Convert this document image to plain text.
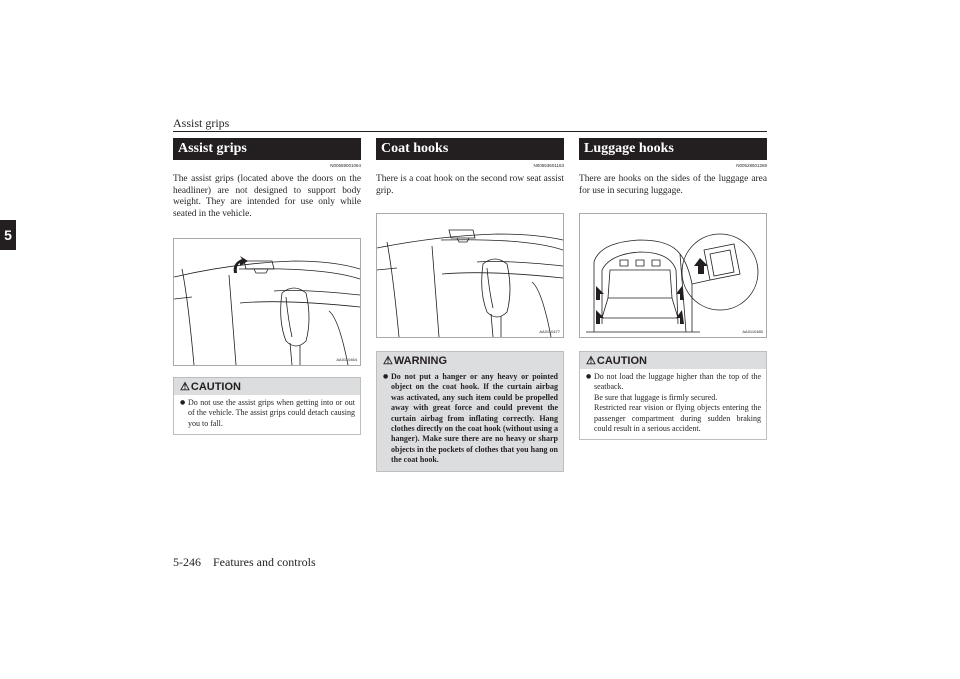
Assist grips
5
Assist grips
N00559001064
The assist grips (located above the doors on the headliner) are not designed to support body weight. They are intended for use only while seated in the vehicle.
AA0110464
⚠ CAUTION
● Do not use the assist grips when getting into or out of the vehicle. The assist grips could detach causing you to fall.
Coat hooks
N00553601163
There is a coat hook on the second row seat assist grip.
AA0110477
⚠ WARNING
● Do not put a hanger or any heavy or pointed object on the coat hook. If the curtain airbag was activated, any such item could be propelled away with great force and could prevent the curtain airbag from inflating correctly. Hang clothes directly on the coat hook (without using a hanger). Make sure there are no heavy or sharp objects in the pockets of clothes that you hang on the coat hook.
Luggage hooks
N00528501269
There are hooks on the sides of the luggage area for use in securing luggage.
AA0110480
⚠ CAUTION
● Do not load the luggage higher than the top of the seatback.
Be sure that luggage is firmly secured.
Restricted rear vision or flying objects entering the passenger compartment during sudden braking could result in a serious accident.
5-246 Features and controls
